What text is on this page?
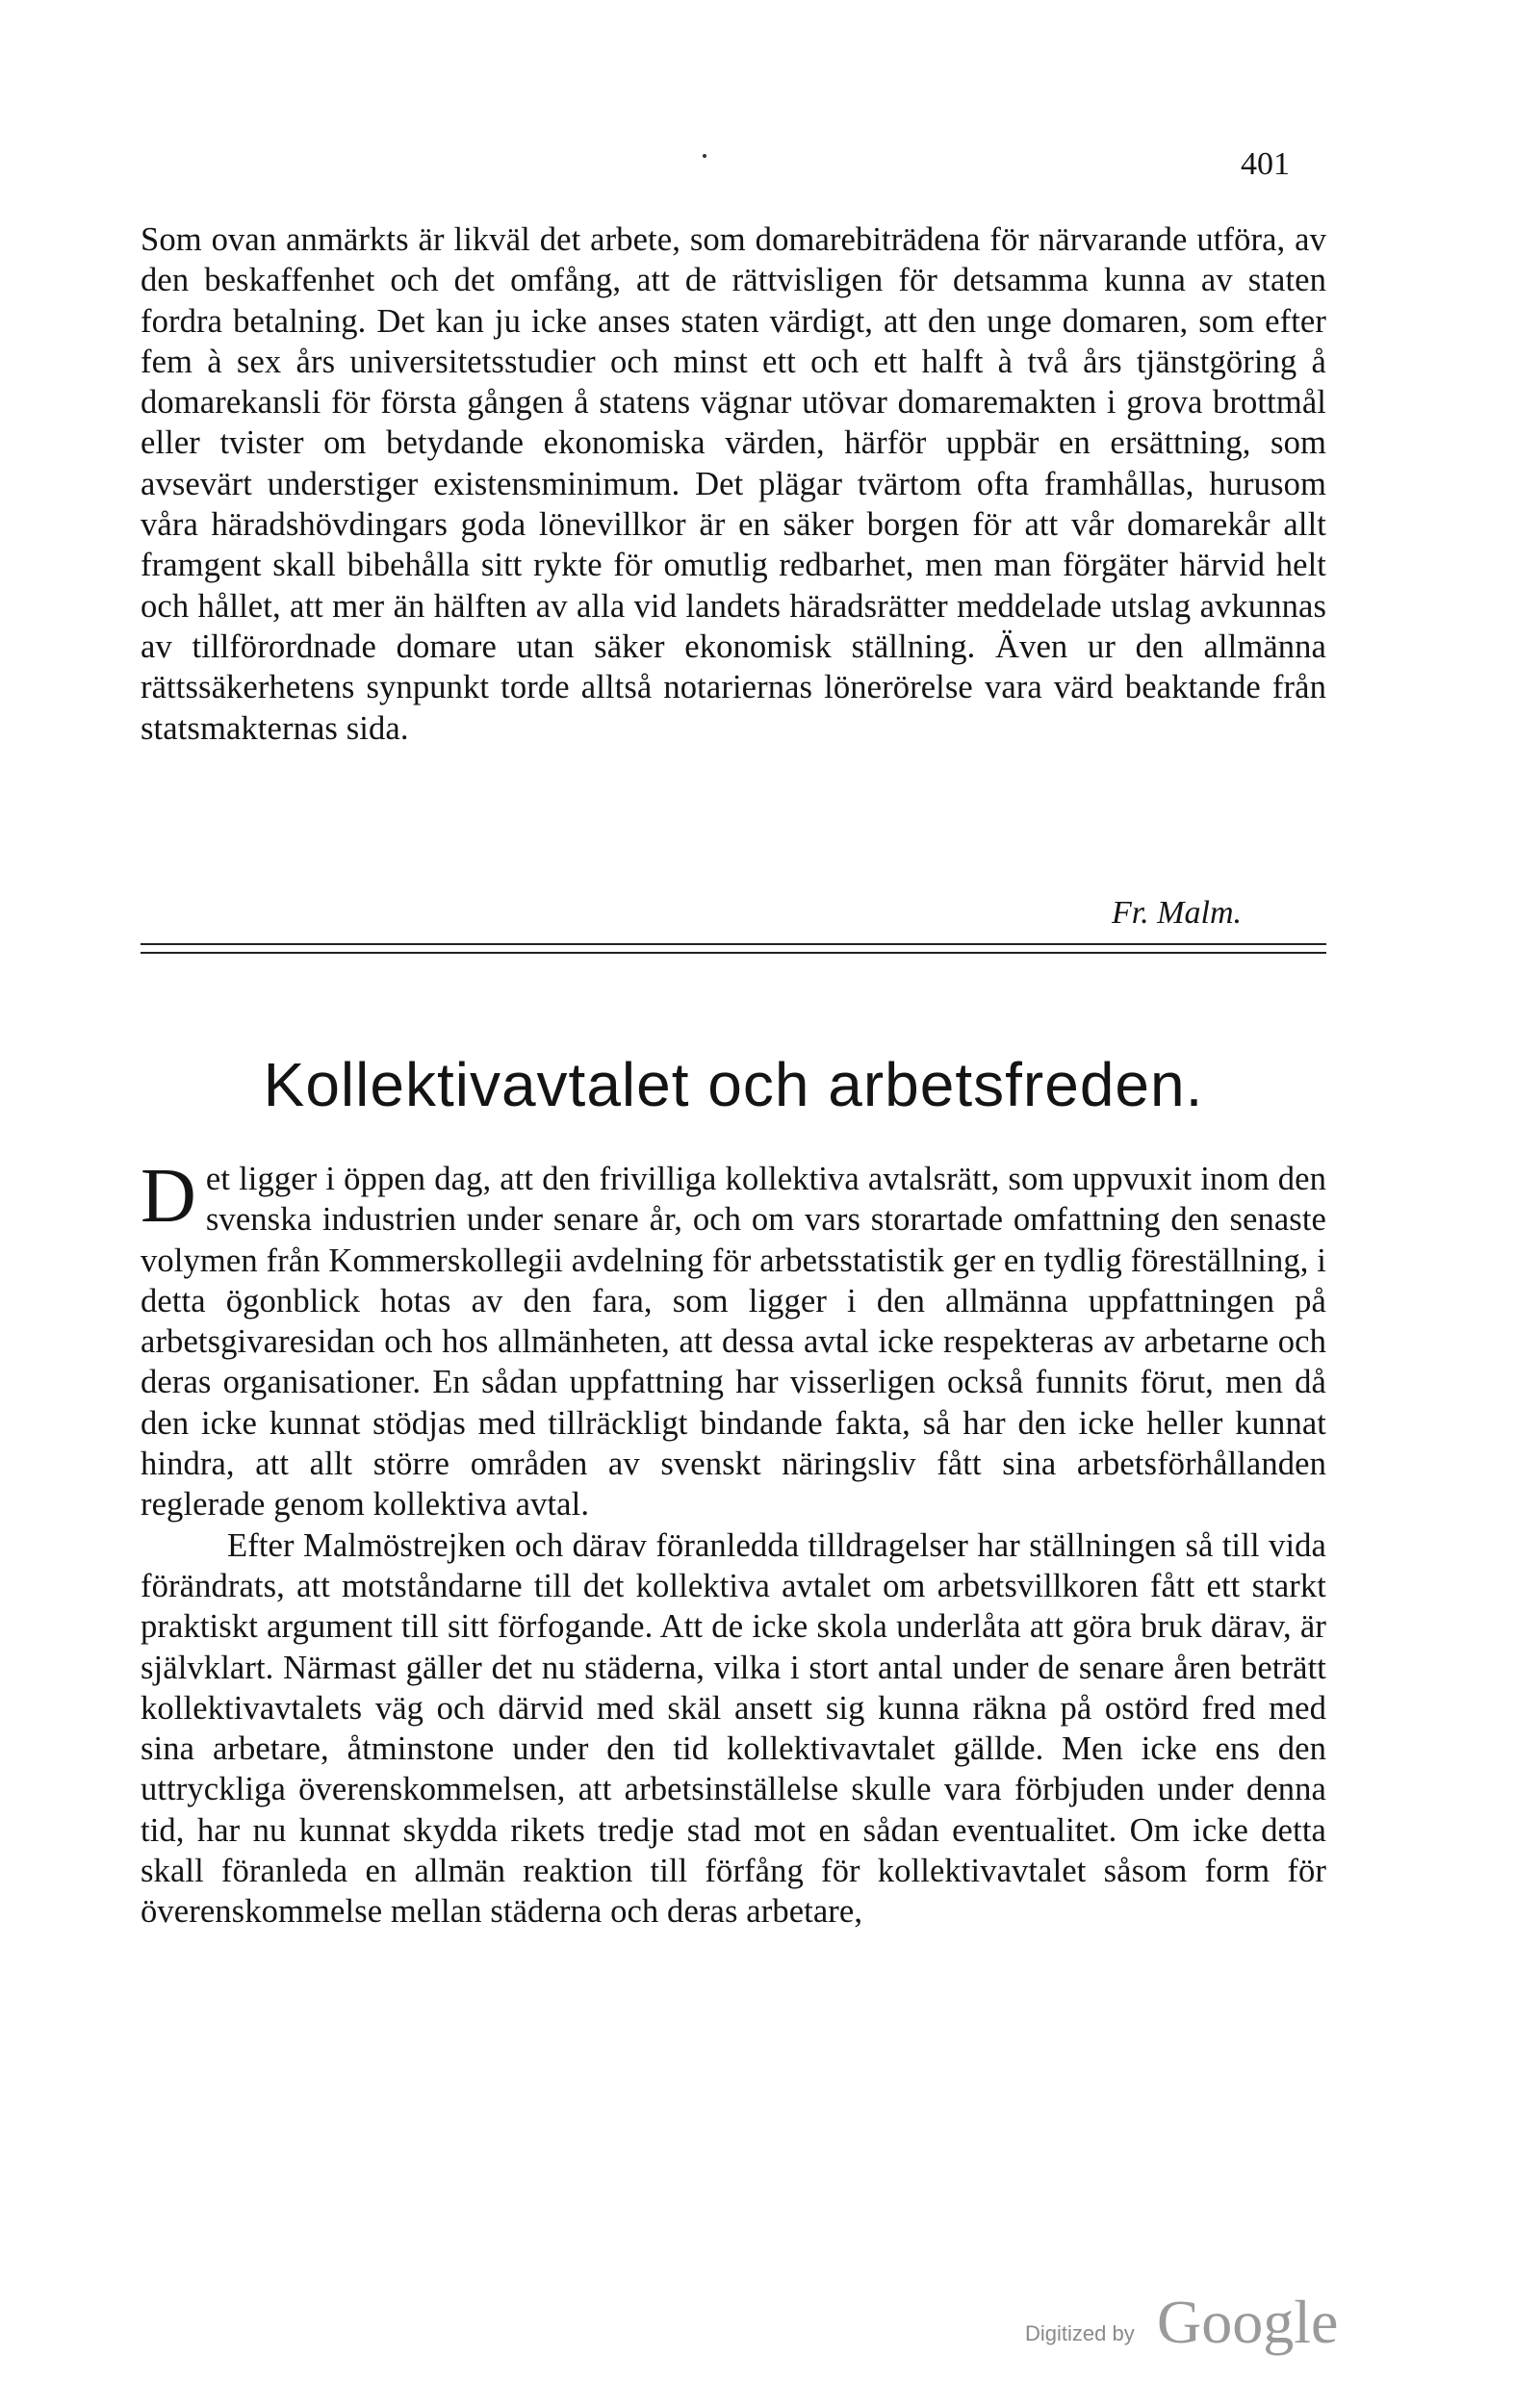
401

Som ovan anmärkts är likväl det arbete, som domarebiträdena för närvarande utföra, av den beskaffenhet och det omfång, att de rättvisligen för detsamma kunna av staten fordra betalning. Det kan ju icke anses staten värdigt, att den unge domaren, som efter fem à sex års universitetsstudier och minst ett och ett halft à två års tjänstgöring å domarekansli för första gången å statens vägnar utövar domaremakten i grova brottmål eller tvister om betydande ekonomiska värden, härför uppbär en ersättning, som avsevärt understiger existensminimum. Det plägar tvärtom ofta framhållas, hurusom våra häradshövdingars goda lönevillkor är en säker borgen för att vår domarekår allt framgent skall bibehålla sitt rykte för omutlig redbarhet, men man förgäter härvid helt och hållet, att mer än hälften av alla vid landets häradsrätter meddelade utslag avkunnas av tillförordnade domare utan säker ekonomisk ställning. Även ur den allmänna rättssäkerhetens synpunkt torde alltså notariernas lönerörelse vara värd beaktande från statsmakternas sida.

Fr. Malm.
Kollektivavtalet och arbetsfreden.

Det ligger i öppen dag, att den frivilliga kollektiva avtalsrätt, som uppvuxit inom den svenska industrien under senare år, och om vars storartade omfattning den senaste volymen från Kommerskollegii avdelning för arbetsstatistik ger en tydlig föreställning, i detta ögonblick hotas av den fara, som ligger i den allmänna uppfattningen på arbetsgivaresidan och hos allmänheten, att dessa avtal icke respekteras av arbetarne och deras organisationer. En sådan uppfattning har visserligen också funnits förut, men då den icke kunnat stödjas med tillräckligt bindande fakta, så har den icke heller kunnat hindra, att allt större områden av svenskt näringsliv fått sina arbetsförhållanden reglerade genom kollektiva avtal.

Efter Malmöstrejken och därav föranledda tilldragelser har ställningen så till vida förändrats, att motståndarne till det kollektiva avtalet om arbetsvillkoren fått ett starkt praktiskt argument till sitt förfogande. Att de icke skola underlåta att göra bruk därav, är självklart. Närmast gäller det nu städerna, vilka i stort antal under de senare åren beträtt kollektivavtalets väg och därvid med skäl ansett sig kunna räkna på ostörd fred med sina arbetare, åtminstone under den tid kollektivavtalet gällde. Men icke ens den uttryckliga överenskommelsen, att arbetsinställelse skulle vara förbjuden under denna tid, har nu kunnat skydda rikets tredje stad mot en sådan eventualitet. Om icke detta skall föranleda en allmän reaktion till förfång för kollektivavtalet såsom form för överenskommelse mellan städerna och deras arbetare,

Digitized by Google
